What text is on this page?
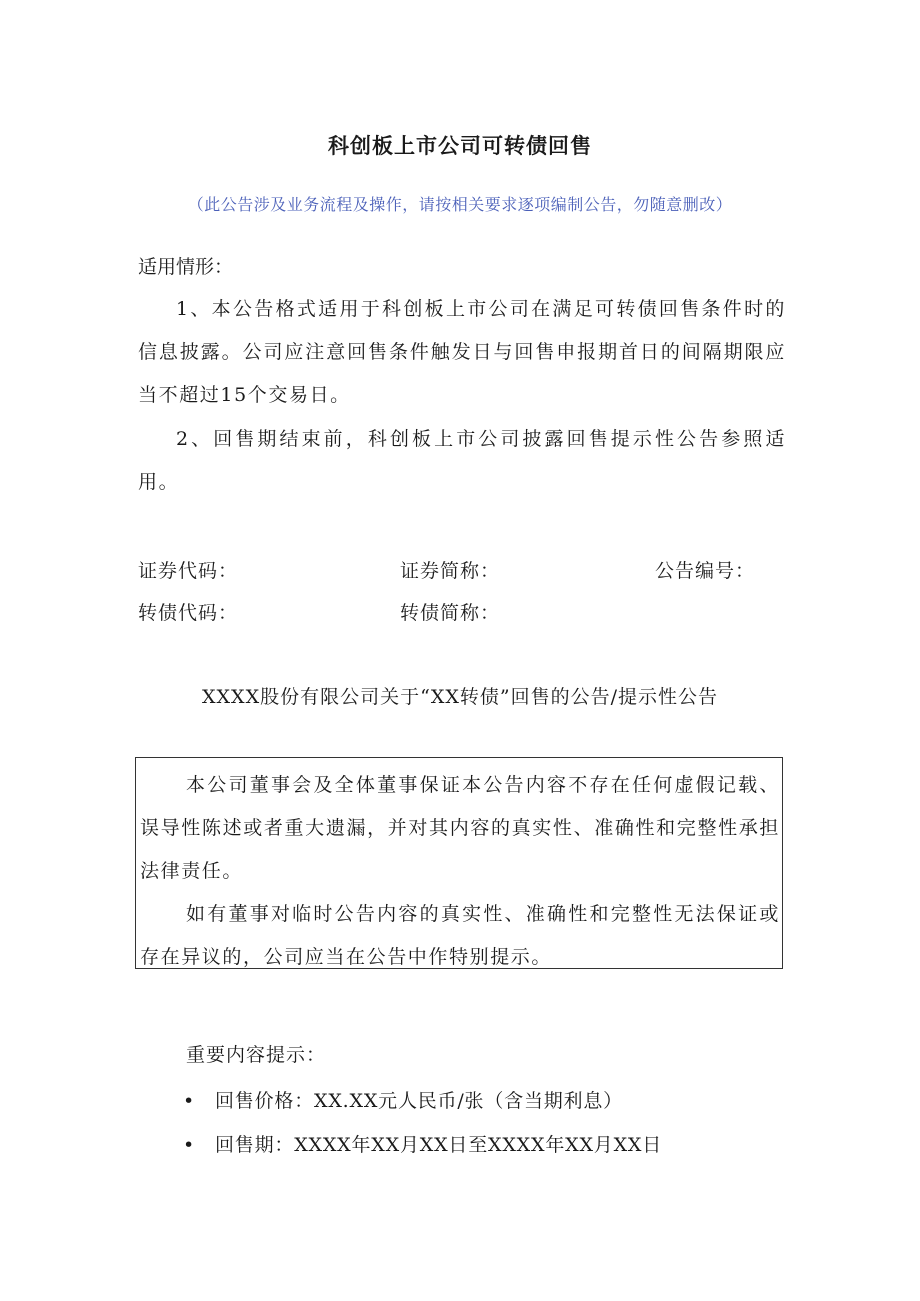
科创板上市公司可转债回售
（此公告涉及业务流程及操作，请按相关要求逐项编制公告，勿随意删改）
适用情形：
1、本公告格式适用于科创板上市公司在满足可转债回售条件时的信息披露。公司应注意回售条件触发日与回售申报期首日的间隔期限应当不超过15个交易日。
2、回售期结束前，科创板上市公司披露回售提示性公告参照适用。
证券代码：	证券简称：	公告编号：
转债代码：	转债简称：
XXXX股份有限公司关于“XX转债”回售的公告/提示性公告
本公司董事会及全体董事保证本公告内容不存在任何虚假记载、误导性陈述或者重大遗漏，并对其内容的真实性、准确性和完整性承担法律责任。
如有董事对临时公告内容的真实性、准确性和完整性无法保证或存在异议的，公司应当在公告中作特别提示。
重要内容提示：
• 回售价格：XX.XX元人民币/张（含当期利息）
• 回售期：XXXX年XX月XX日至XXXX年XX月XX日
